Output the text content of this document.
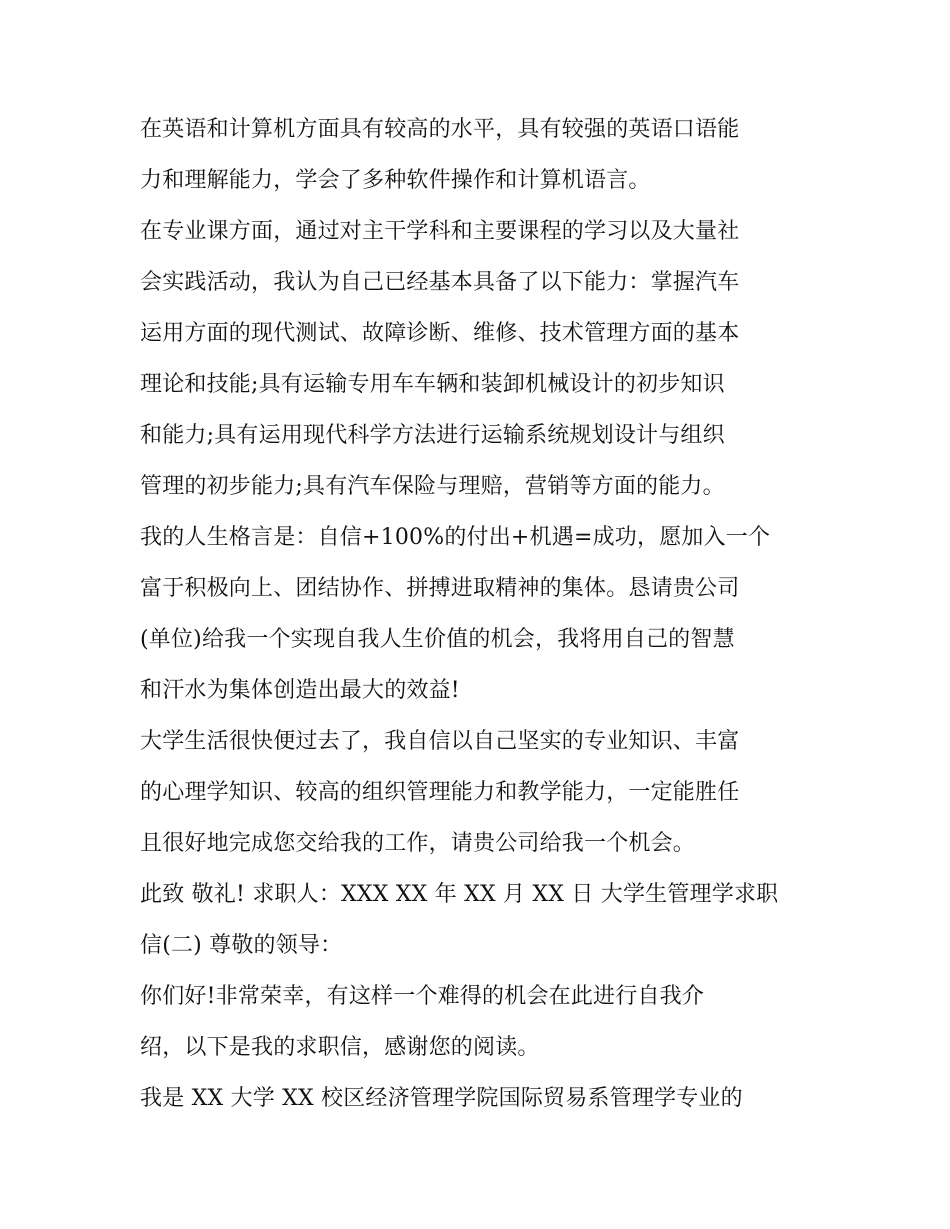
在英语和计算机方面具有较高的水平，具有较强的英语口语能
力和理解能力，学会了多种软件操作和计算机语言。
在专业课方面，通过对主干学科和主要课程的学习以及大量社
会实践活动，我认为自己已经基本具备了以下能力：掌握汽车
运用方面的现代测试、故障诊断、维修、技术管理方面的基本
理论和技能;具有运输专用车车辆和装卸机械设计的初步知识
和能力;具有运用现代科学方法进行运输系统规划设计与组织
管理的初步能力;具有汽车保险与理赔，营销等方面的能力。
我的人生格言是：自信+100%的付出+机遇=成功，愿加入一个
富于积极向上、团结协作、拼搏进取精神的集体。恳请贵公司
(单位)给我一个实现自我人生价值的机会，我将用自己的智慧
和汗水为集体创造出最大的效益!
大学生活很快便过去了，我自信以自己坚实的专业知识、丰富
的心理学知识、较高的组织管理能力和教学能力，一定能胜任
且很好地完成您交给我的工作，请贵公司给我一个机会。
此致 敬礼! 求职人：XXX XX 年 XX 月 XX 日 大学生管理学求职
信(二) 尊敬的领导：
你们好!非常荣幸，有这样一个难得的机会在此进行自我介
绍，以下是我的求职信，感谢您的阅读。
我是 XX 大学 XX 校区经济管理学院国际贸易系管理学专业的
